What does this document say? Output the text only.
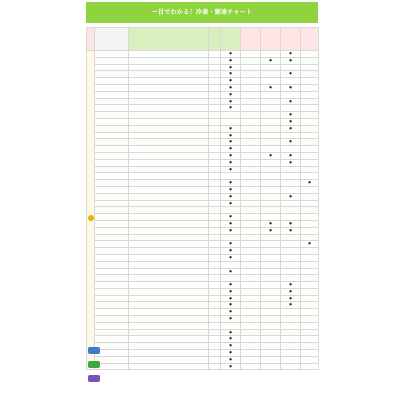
一目でわかる！冷凍・解凍チャート

				●			●	
				●		●	●	
				●				
				●			●	
				●				
				●		●	●	
				●				
				●			●	
				●				
							●	
							●	
				●			●	
				●				
				●			●	
				●				
				●		●	●	
				●			●	
				●				

				●				●
				●				
				●			●	
				●				

				●				
				●		●	●	
				●		●	●	

				●				●
				●				
				●				

				●				

				●			●	
				●			●	
				●			●	
				●			●	
				●				
				●				

				●				
				●				
				●				
				●				
				●				
				●				
